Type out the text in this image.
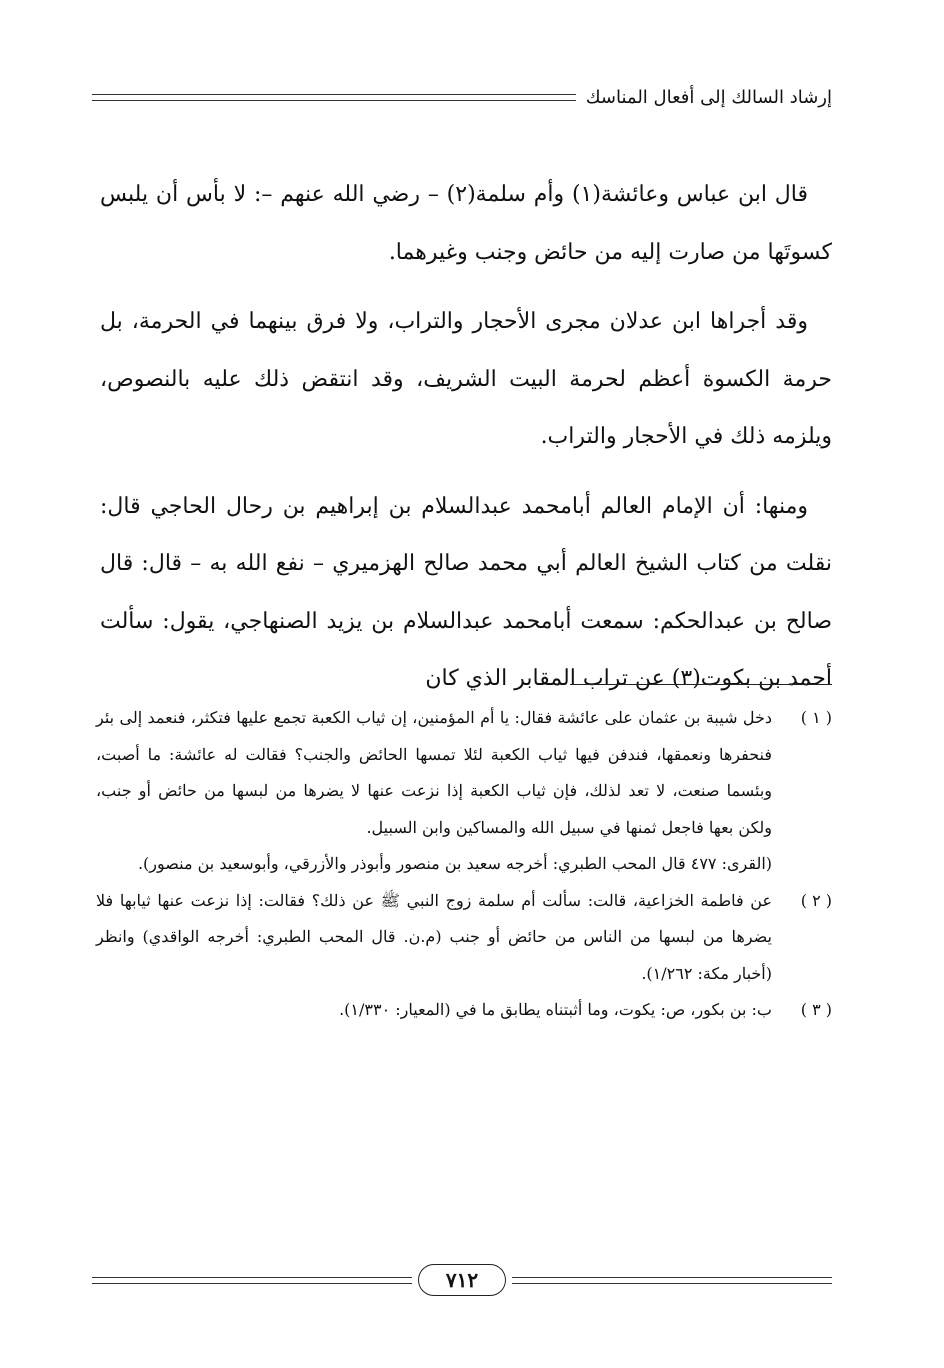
إرشاد السالك إلى أفعال المناسك

قال ابن عباس وعائشة(١) وأم سلمة(٢) – رضي الله عنهم –: لا بأس أن يلبس كسوتَها من صارت إليه من حائض وجنب وغيرهما.

وقد أجراها ابن عدلان مجرى الأحجار والتراب، ولا فرق بينهما في الحرمة، بل حرمة الكسوة أعظم لحرمة البيت الشريف، وقد انتقض ذلك عليه بالنصوص، ويلزمه ذلك في الأحجار والتراب.

ومنها: أن الإمام العالم أبامحمد عبدالسلام بن إبراهيم بن رحال الحاجي قال: نقلت من كتاب الشيخ العالم أبي محمد صالح الهزميري – نفع الله به – قال: قال صالح بن عبدالحكم: سمعت أبامحمد عبدالسلام بن يزيد الصنهاجي، يقول: سألت أحمد بن بكوت(٣) عن تراب المقابر الذي كان

( ١ )

دخل شيبة بن عثمان على عائشة فقال: يا أم المؤمنين، إن ثياب الكعبة تجمع عليها فتكثر، فنعمد إلى بئر فنحفرها ونعمقها، فندفن فيها ثياب الكعبة لئلا تمسها الحائض والجنب؟ فقالت له عائشة: ما أصبت، وبئسما صنعت، لا تعد لذلك، فإن ثياب الكعبة إذا نزعت عنها لا يضرها من لبسها من حائض أو جنب، ولكن بعها فاجعل ثمنها في سبيل الله والمساكين وابن السبيل.

(القرى: ٤٧٧ قال المحب الطبري: أخرجه سعيد بن منصور وأبوذر والأزرقي، وأبوسعيد بن منصور).

( ٢ )

عن فاطمة الخزاعية، قالت: سألت أم سلمة زوج النبي ﷺ عن ذلك؟ فقالت: إذا نزعت عنها ثيابها فلا يضرها من لبسها من الناس من حائض أو جنب (م.ن. قال المحب الطبري: أخرجه الواقدي) وانظر (أخبار مكة: ١/٢٦٢).

( ٣ )

ب: بن بكور، ص: يكوت، وما أثبتناه يطابق ما في (المعيار: ١/٣٣٠).

٧١٢
